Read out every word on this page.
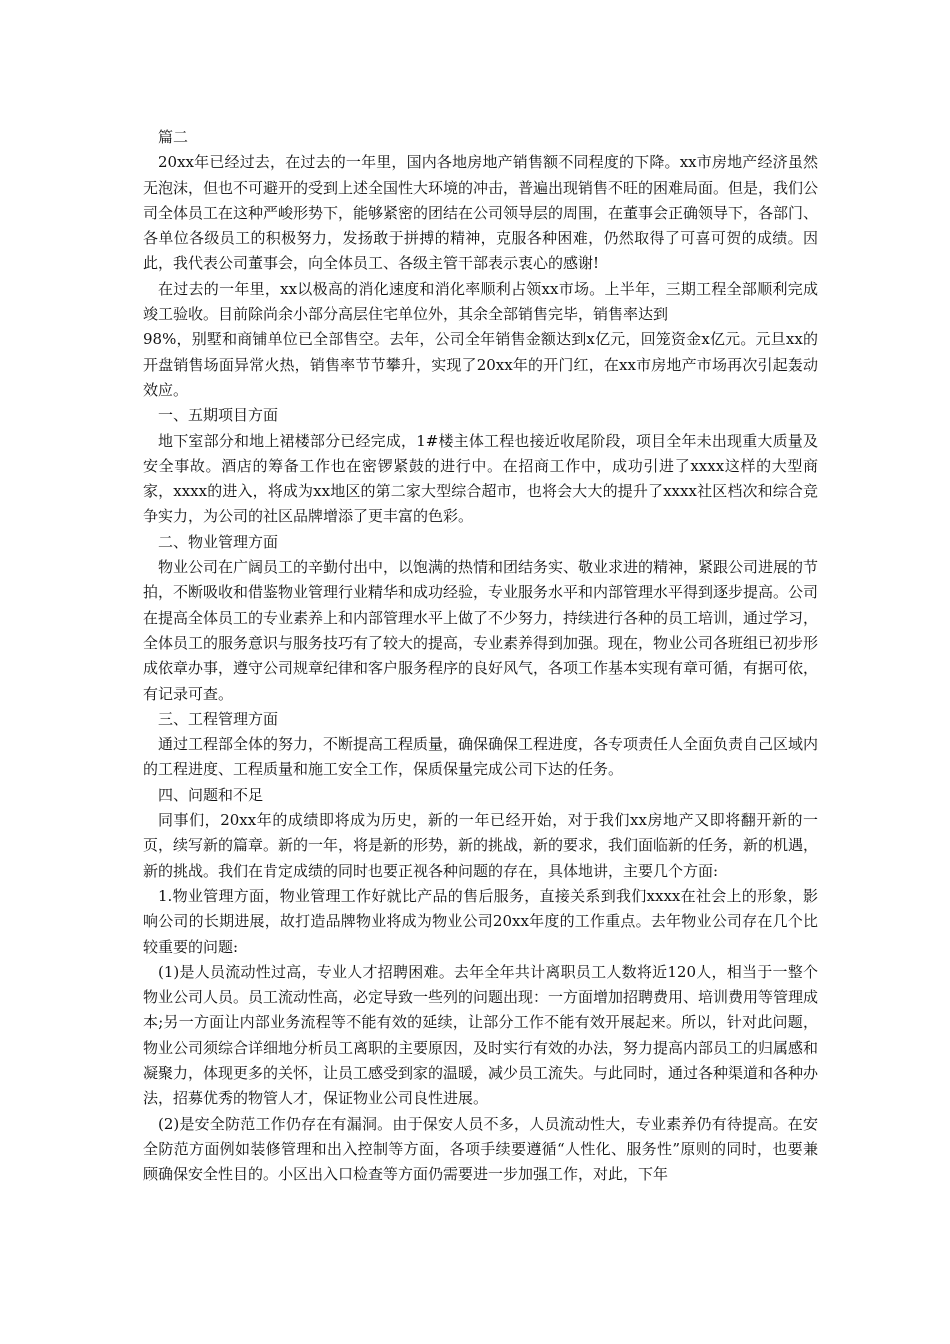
篇二

20xx年已经过去，在过去的一年里，国内各地房地产销售额不同程度的下降。xx市房地产经济虽然无泡沫，但也不可避开的受到上述全国性大环境的冲击，普遍出现销售不旺的困难局面。但是，我们公司全体员工在这种严峻形势下，能够紧密的团结在公司领导层的周围，在董事会正确领导下，各部门、各单位各级员工的积极努力，发扬敢于拼搏的精神，克服各种困难，仍然取得了可喜可贺的成绩。因此，我代表公司董事会，向全体员工、各级主管干部表示衷心的感谢!

在过去的一年里，xx以极高的消化速度和消化率顺利占领xx市场。上半年，三期工程全部顺利完成竣工验收。目前除尚余小部分高层住宅单位外，其余全部销售完毕，销售率达到
98%，别墅和商铺单位已全部售空。去年，公司全年销售金额达到x亿元，回笼资金x亿元。元旦xx的开盘销售场面异常火热，销售率节节攀升，实现了20xx年的开门红，在xx市房地产市场再次引起轰动效应。

一、五期项目方面

地下室部分和地上裙楼部分已经完成，1#楼主体工程也接近收尾阶段，项目全年未出现重大质量及安全事故。酒店的筹备工作也在密锣紧鼓的进行中。在招商工作中，成功引进了xxxx这样的大型商家，xxxx的进入，将成为xx地区的第二家大型综合超市，也将会大大的提升了xxxx社区档次和综合竞争实力，为公司的社区品牌增添了更丰富的色彩。

二、物业管理方面

物业公司在广阔员工的辛勤付出中，以饱满的热情和团结务实、敬业求进的精神，紧跟公司进展的节拍，不断吸收和借鉴物业管理行业精华和成功经验，专业服务水平和内部管理水平得到逐步提高。公司在提高全体员工的专业素养上和内部管理水平上做了不少努力，持续进行各种的员工培训，通过学习，全体员工的服务意识与服务技巧有了较大的提高，专业素养得到加强。现在，物业公司各班组已初步形成依章办事，遵守公司规章纪律和客户服务程序的良好风气，各项工作基本实现有章可循，有据可依，有记录可查。

三、工程管理方面

通过工程部全体的努力，不断提高工程质量，确保确保工程进度，各专项责任人全面负责自己区域内的工程进度、工程质量和施工安全工作，保质保量完成公司下达的任务。

四、问题和不足

同事们，20xx年的成绩即将成为历史，新的一年已经开始，对于我们xx房地产又即将翻开新的一页，续写新的篇章。新的一年，将是新的形势，新的挑战，新的要求，我们面临新的任务，新的机遇，新的挑战。我们在肯定成绩的同时也要正视各种问题的存在，具体地讲，主要几个方面:

1.物业管理方面，物业管理工作好就比产品的售后服务，直接关系到我们xxxx在社会上的形象，影响公司的长期进展，故打造品牌物业将成为物业公司20xx年度的工作重点。去年物业公司存在几个比较重要的问题:

(1)是人员流动性过高，专业人才招聘困难。去年全年共计离职员工人数将近120人，相当于一整个物业公司人员。员工流动性高，必定导致一些列的问题出现：一方面增加招聘费用、培训费用等管理成本;另一方面让内部业务流程等不能有效的延续，让部分工作不能有效开展起来。所以，针对此问题，物业公司须综合详细地分析员工离职的主要原因，及时实行有效的办法，努力提高内部员工的归属感和凝聚力，体现更多的关怀，让员工感受到家的温暖，减少员工流失。与此同时，通过各种渠道和各种办法，招募优秀的物管人才，保证物业公司良性进展。

(2)是安全防范工作仍存在有漏洞。由于保安人员不多，人员流动性大，专业素养仍有待提高。在安全防范方面例如装修管理和出入控制等方面，各项手续要遵循“人性化、服务性”原则的同时，也要兼顾确保安全性目的。小区出入口检查等方面仍需要进一步加强工作，对此，下年
